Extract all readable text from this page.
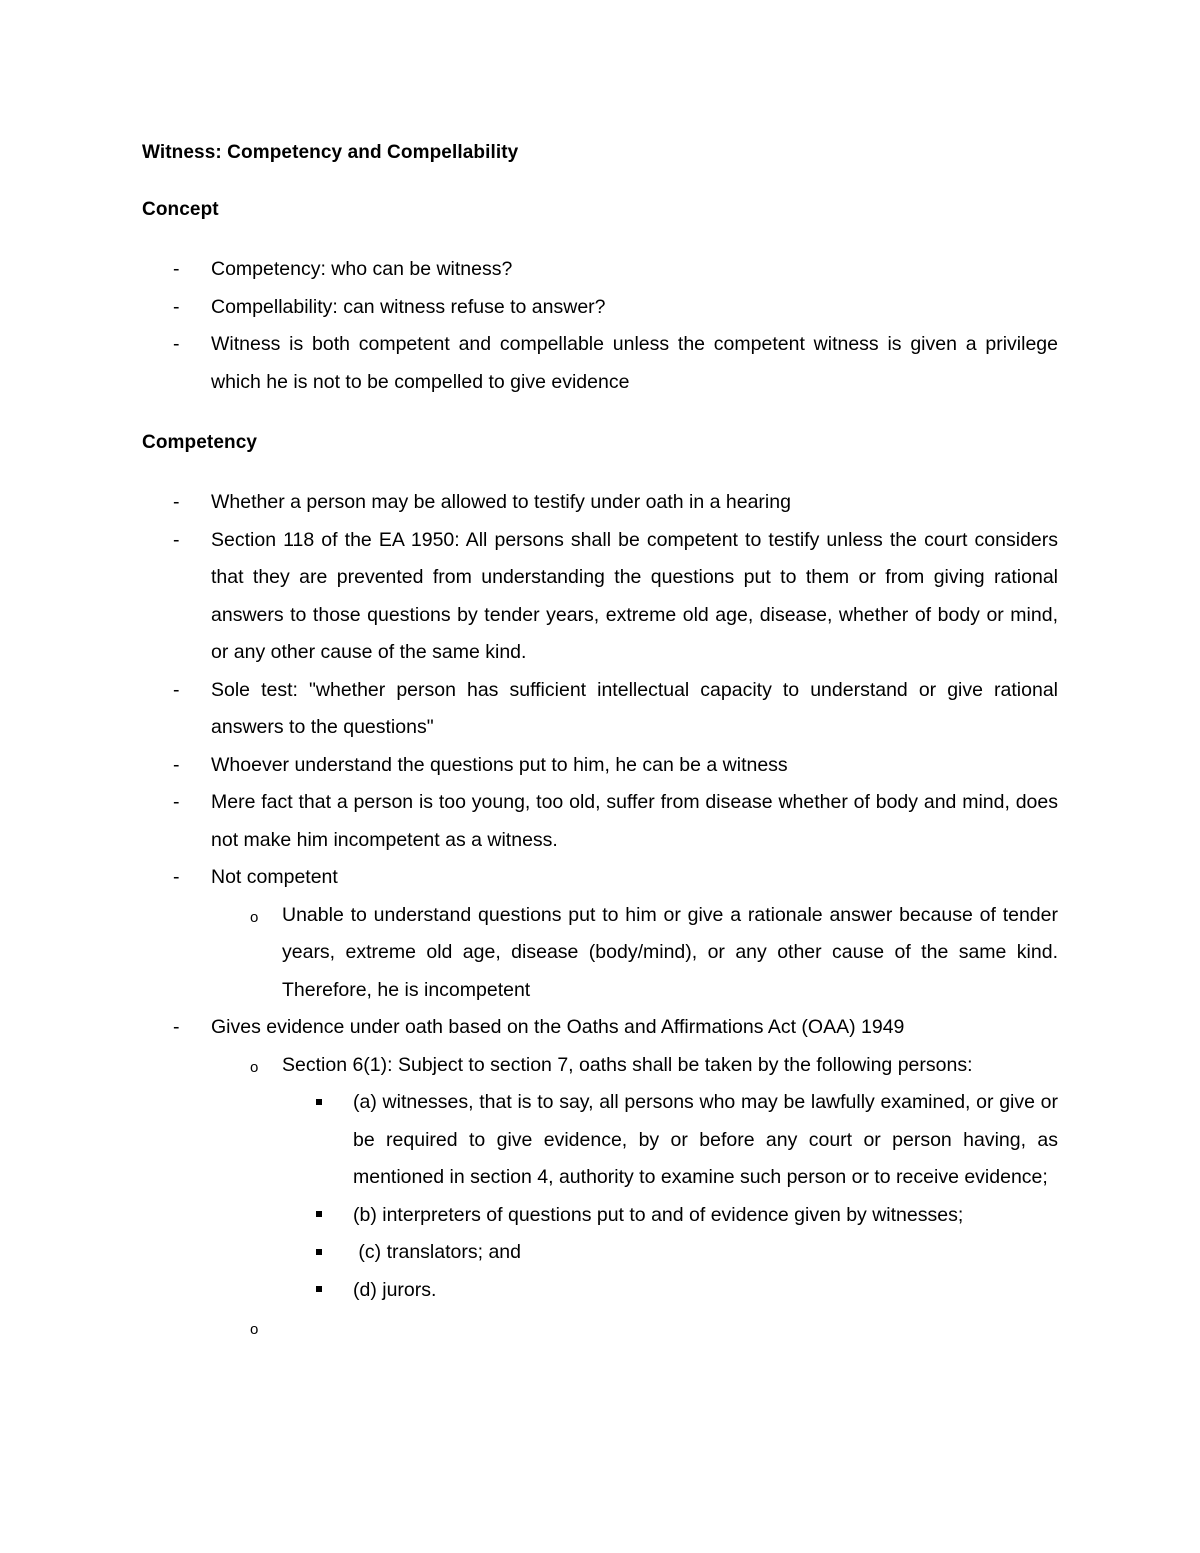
Witness: Competency and Compellability
Concept
-	Competency: who can be witness?
-	Compellability: can witness refuse to answer?
-	Witness is both competent and compellable unless the competent witness is given a privilege which he is not to be compelled to give evidence
Competency
-	Whether a person may be allowed to testify under oath in a hearing
-	Section 118 of the EA 1950: All persons shall be competent to testify unless the court considers that they are prevented from understanding the questions put to them or from giving rational answers to those questions by tender years, extreme old age, disease, whether of body or mind, or any other cause of the same kind.
-	Sole test: "whether person has sufficient intellectual capacity to understand or give rational answers to the questions"
-	Whoever understand the questions put to him, he can be a witness
-	Mere fact that a person is too young, too old, suffer from disease whether of body and mind, does not make him incompetent as a witness.
-	Not competent
o	Unable to understand questions put to him or give a rationale answer because of tender years, extreme old age, disease (body/mind), or any other cause of the same kind. Therefore, he is incompetent
-	Gives evidence under oath based on the Oaths and Affirmations Act (OAA) 1949
o	Section 6(1): Subject to section 7, oaths shall be taken by the following persons:
(a) witnesses, that is to say, all persons who may be lawfully examined, or give or be required to give evidence, by or before any court or person having, as mentioned in section 4, authority to examine such person or to receive evidence;
(b) interpreters of questions put to and of evidence given by witnesses;
(c) translators; and
(d) jurors.
o
